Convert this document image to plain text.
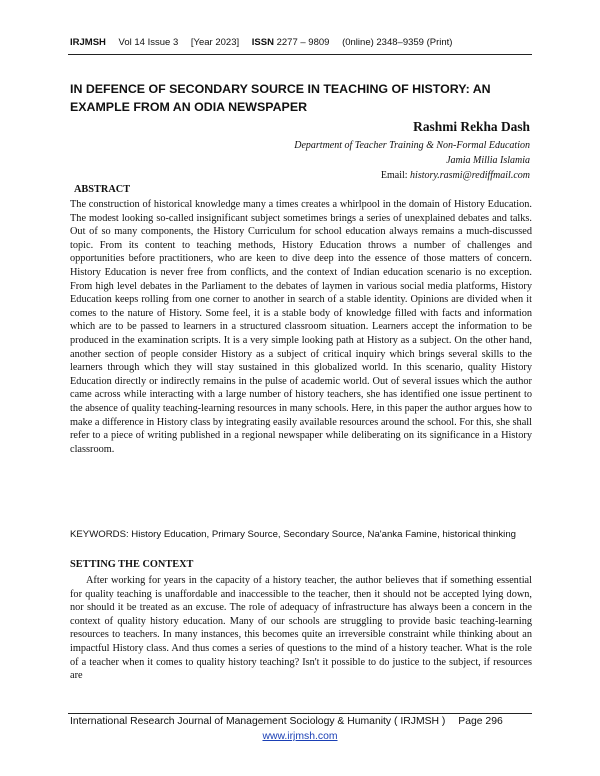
IRJMSH Vol 14 Issue 3 [Year 2023] ISSN 2277 – 9809 (0nline) 2348–9359 (Print)
IN DEFENCE OF SECONDARY SOURCE IN TEACHING OF HISTORY: AN EXAMPLE FROM AN ODIA NEWSPAPER
Rashmi Rekha Dash
Department of Teacher Training & Non-Formal Education
Jamia Millia Islamia
Email: history.rasmi@rediffmail.com
ABSTRACT
The construction of historical knowledge many a times creates a whirlpool in the domain of History Education. The modest looking so-called insignificant subject sometimes brings a series of unexplained debates and talks. Out of so many components, the History Curriculum for school education always remains a much-discussed topic. From its content to teaching methods, History Education throws a number of challenges and opportunities before practitioners, who are keen to dive deep into the essence of those matters of concern. History Education is never free from conflicts, and the context of Indian education scenario is no exception. From high level debates in the Parliament to the debates of laymen in various social media platforms, History Education keeps rolling from one corner to another in search of a stable identity. Opinions are divided when it comes to the nature of History. Some feel, it is a stable body of knowledge filled with facts and information which are to be passed to learners in a structured classroom situation. Learners accept the information to be produced in the examination scripts. It is a very simple looking path at History as a subject. On the other hand, another section of people consider History as a subject of critical inquiry which brings several skills to the learners through which they will stay sustained in this globalized world. In this scenario, quality History Education directly or indirectly remains in the pulse of academic world. Out of several issues which the author came across while interacting with a large number of history teachers, she has identified one issue pertinent to the absence of quality teaching-learning resources in many schools. Here, in this paper the author argues how to make a difference in History class by integrating easily available resources around the school. For this, she shall refer to a piece of writing published in a regional newspaper while deliberating on its significance in a History classroom.
KEYWORDS: History Education, Primary Source, Secondary Source, Na'anka Famine, historical thinking
SETTING THE CONTEXT
After working for years in the capacity of a history teacher, the author believes that if something essential for quality teaching is unaffordable and inaccessible to the teacher, then it should not be accepted lying down, nor should it be treated as an excuse. The role of adequacy of infrastructure has always been a concern in the context of quality history education. Many of our schools are struggling to provide basic teaching-learning resources to teachers. In many instances, this becomes quite an irreversible constraint while thinking about an impactful History class. And thus comes a series of questions to the mind of a history teacher. What is the role of a teacher when it comes to quality history teaching? Isn't it possible to do justice to the subject, if resources are
International Research Journal of Management Sociology & Humanity ( IRJMSH ) Page 296
www.irjmsh.com
